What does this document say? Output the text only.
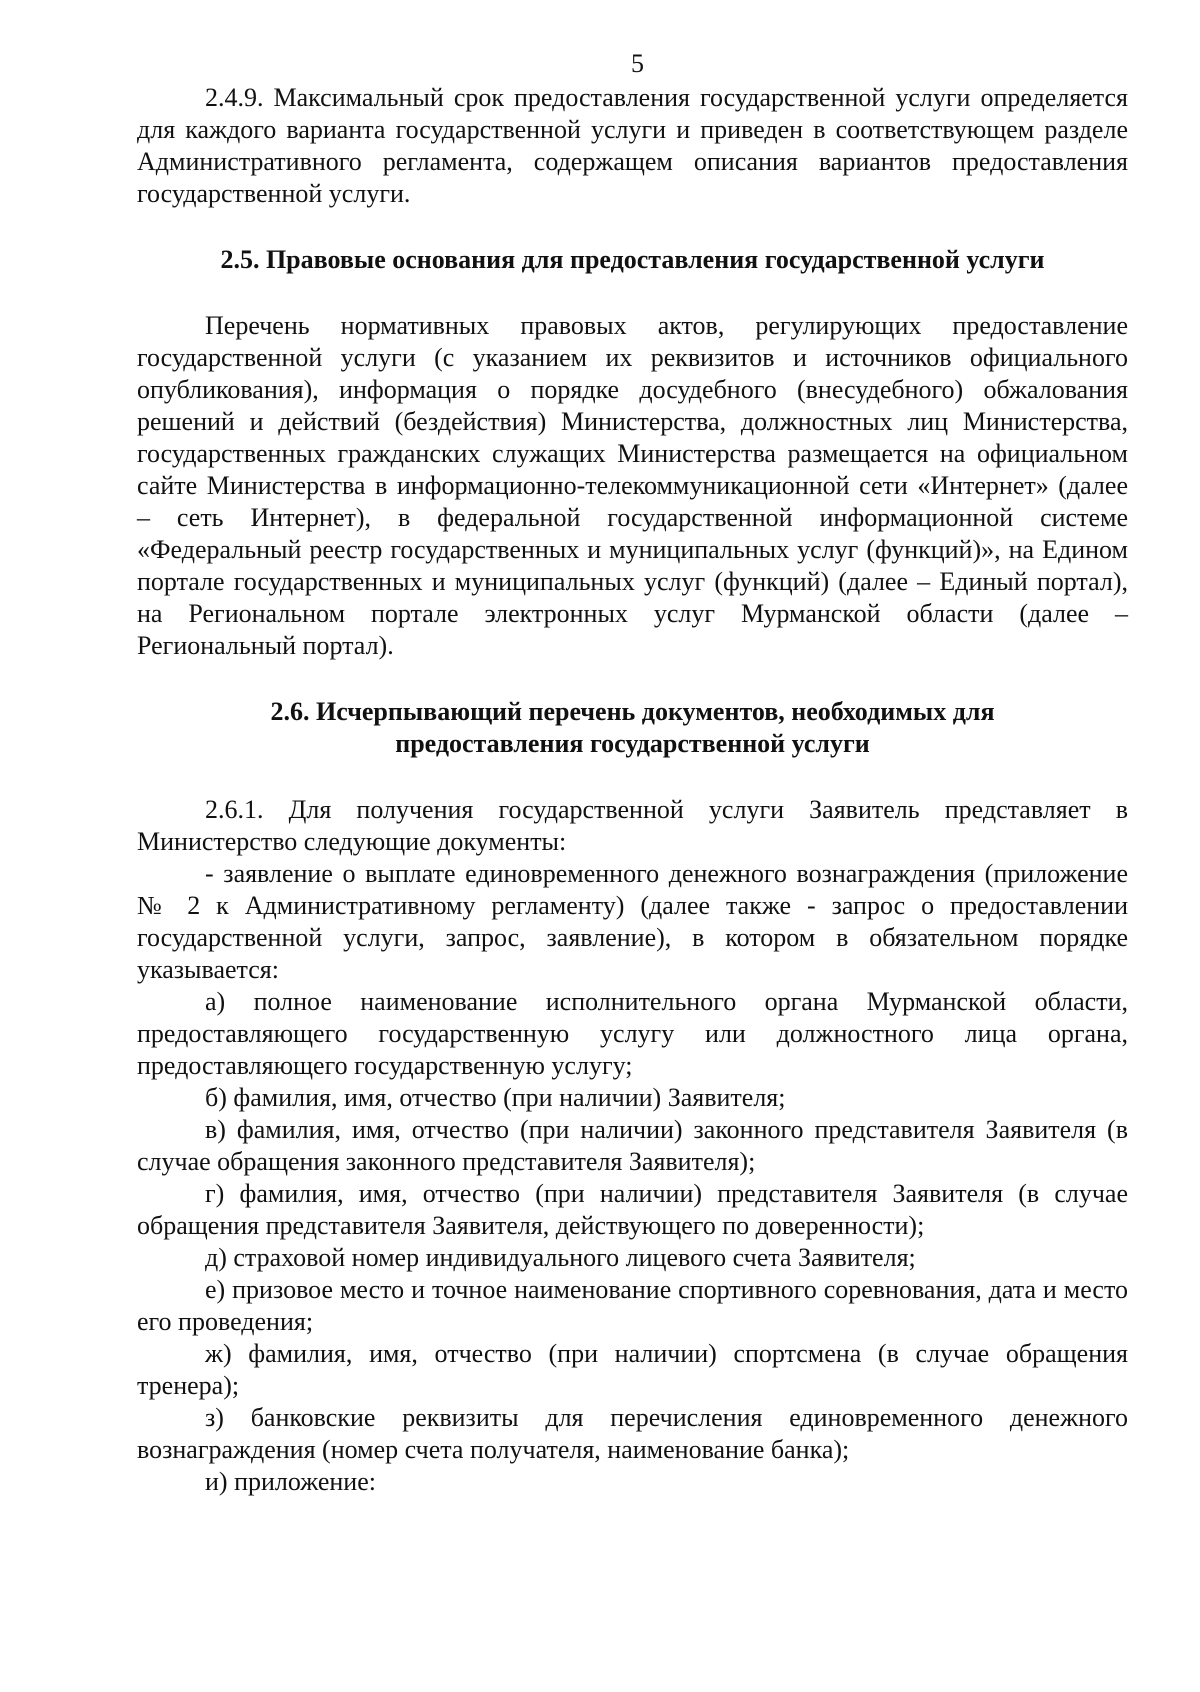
5

2.4.9. Максимальный срок предоставления государственной услуги определяется для каждого варианта государственной услуги и приведен в соответствующем разделе Административного регламента, содержащем описания вариантов предоставления государственной услуги.

2.5. Правовые основания для предоставления государственной услуги

Перечень нормативных правовых актов, регулирующих предоставление государственной услуги (с указанием их реквизитов и источников официального опубликования), информация о порядке досудебного (внесудебного) обжалования решений и действий (бездействия) Министерства, должностных лиц Министерства, государственных гражданских служащих Министерства размещается на официальном сайте Министерства в информационно-телекоммуникационной сети «Интернет» (далее – сеть Интернет), в федеральной государственной информационной системе «Федеральный реестр государственных и муниципальных услуг (функций)», на Едином портале государственных и муниципальных услуг (функций) (далее – Единый портал), на Региональном портале электронных услуг Мурманской области (далее – Региональный портал).

2.6. Исчерпывающий перечень документов, необходимых для
предоставления государственной услуги

2.6.1. Для получения государственной услуги Заявитель представляет в Министерство следующие документы:

- заявление о выплате единовременного денежного вознаграждения (приложение № 2 к Административному регламенту) (далее также - запрос о предоставлении государственной услуги, запрос, заявление), в котором в обязательном порядке указывается:

а) полное наименование исполнительного органа Мурманской области, предоставляющего государственную услугу или должностного лица органа, предоставляющего государственную услугу;

б) фамилия, имя, отчество (при наличии) Заявителя;

в) фамилия, имя, отчество (при наличии) законного представителя Заявителя (в случае обращения законного представителя Заявителя);

г) фамилия, имя, отчество (при наличии) представителя Заявителя (в случае обращения представителя Заявителя, действующего по доверенности);

д) страховой номер индивидуального лицевого счета Заявителя;

е) призовое место и точное наименование спортивного соревнования, дата и место его проведения;

ж) фамилия, имя, отчество (при наличии) спортсмена (в случае обращения тренера);

з) банковские реквизиты для перечисления единовременного денежного вознаграждения (номер счета получателя, наименование банка);

и) приложение:
